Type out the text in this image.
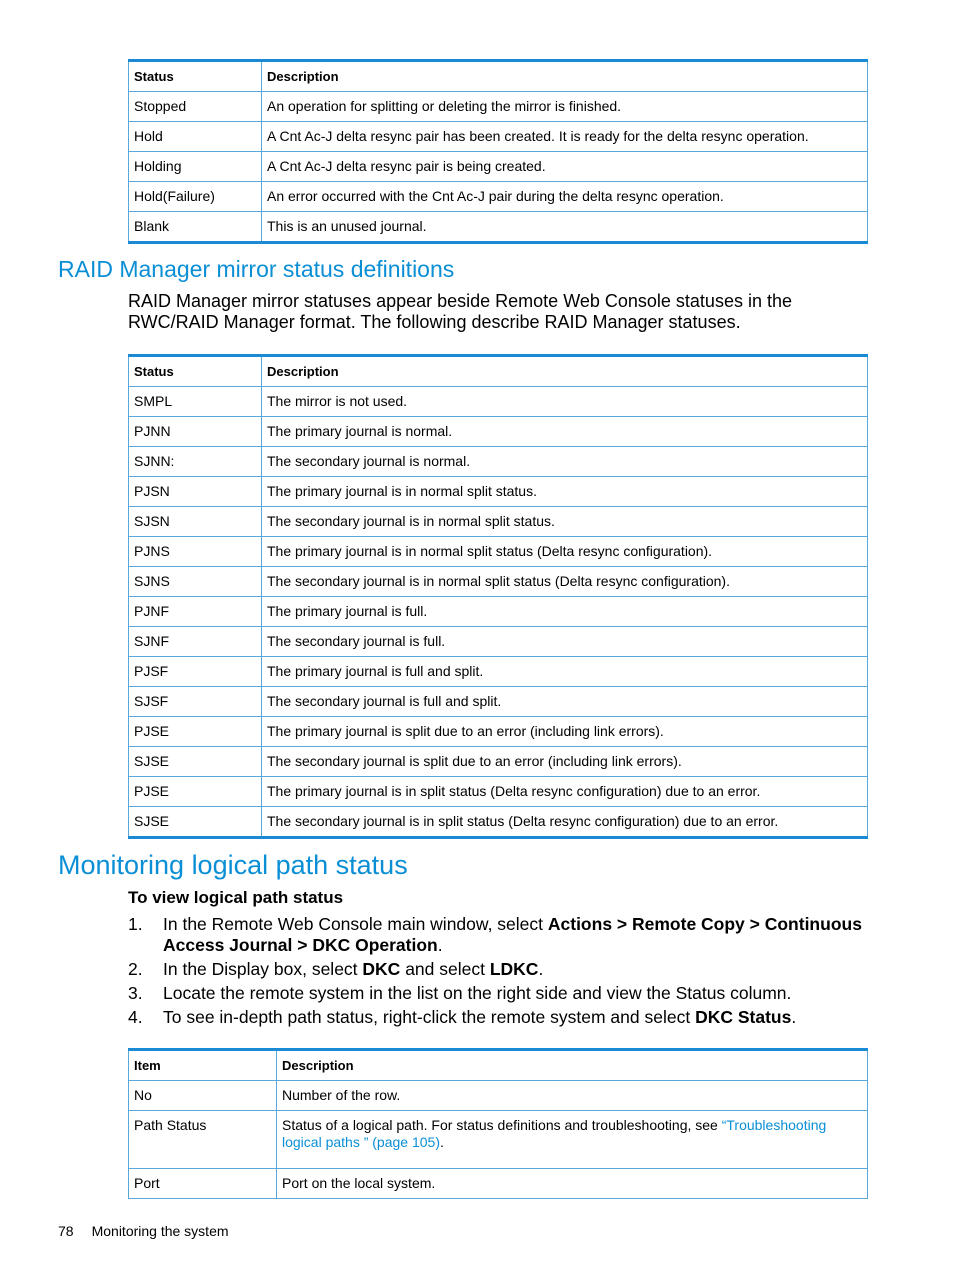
Status	Description
Stopped	An operation for splitting or deleting the mirror is finished.
Hold	A Cnt Ac-J delta resync pair has been created. It is ready for the delta resync operation.
Holding	A Cnt Ac-J delta resync pair is being created.
Hold(Failure)	An error occurred with the Cnt Ac-J pair during the delta resync operation.
Blank	This is an unused journal.
RAID Manager mirror status definitions

RAID Manager mirror statuses appear beside Remote Web Console statuses in the RWC/RAID Manager format. The following describe RAID Manager statuses.

Status	Description
SMPL	The mirror is not used.
PJNN	The primary journal is normal.
SJNN:	The secondary journal is normal.
PJSN	The primary journal is in normal split status.
SJSN	The secondary journal is in normal split status.
PJNS	The primary journal is in normal split status (Delta resync configuration).
SJNS	The secondary journal is in normal split status (Delta resync configuration).
PJNF	The primary journal is full.
SJNF	The secondary journal is full.
PJSF	The primary journal is full and split.
SJSF	The secondary journal is full and split.
PJSE	The primary journal is split due to an error (including link errors).
SJSE	The secondary journal is split due to an error (including link errors).
PJSE	The primary journal is in split status (Delta resync configuration) due to an error.
SJSE	The secondary journal is in split status (Delta resync configuration) due to an error.
Monitoring logical path status

To view logical path status

1. In the Remote Web Console main window, select Actions > Remote Copy > Continuous Access Journal > DKC Operation.
2. In the Display box, select DKC and select LDKC.
3. Locate the remote system in the list on the right side and view the Status column.
4. To see in-depth path status, right-click the remote system and select DKC Status.
Item	Description
No	Number of the row.
Path Status	Status of a logical path. For status definitions and troubleshooting, see “Troubleshooting logical paths ” (page 105).
Port	Port on the local system.
78 Monitoring the system
